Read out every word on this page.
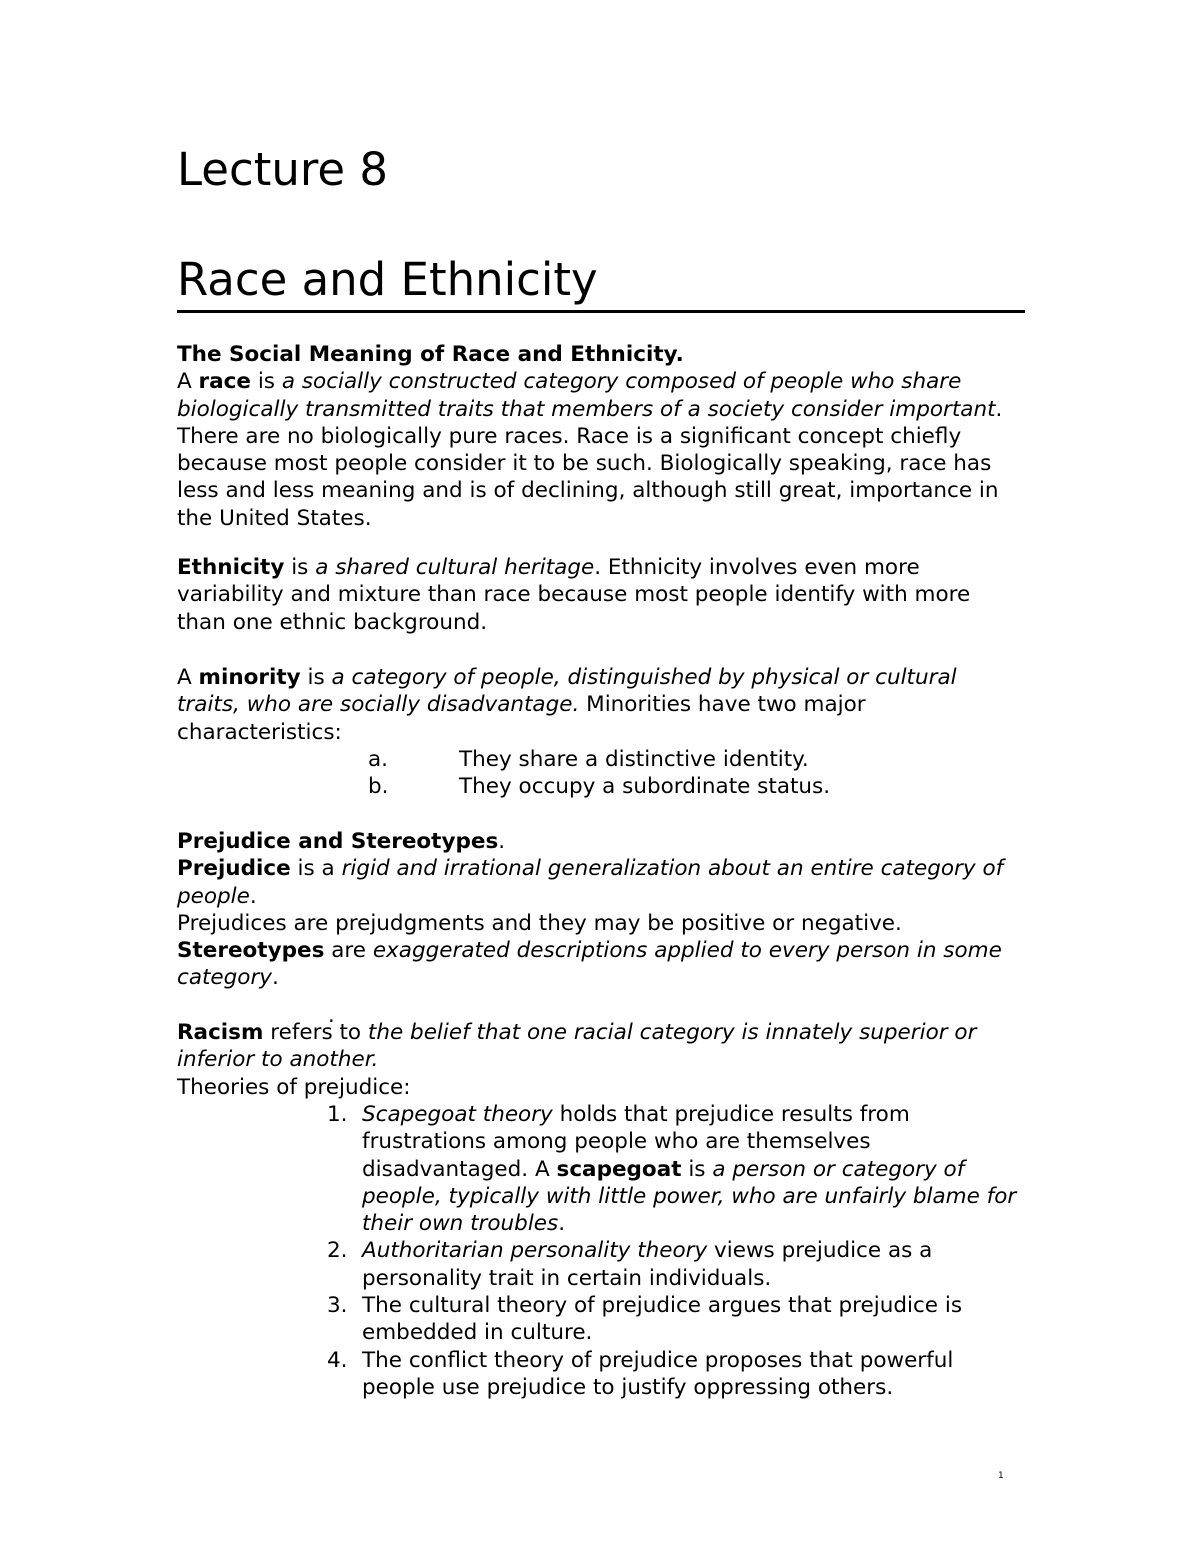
Lecture 8
Race and Ethnicity

The Social Meaning of Race and Ethnicity.
A race is a socially constructed category composed of people who share biologically transmitted traits that members of a society consider important. There are no biologically pure races. Race is a significant concept chiefly because most people consider it to be such. Biologically speaking, race has less and less meaning and is of declining, although still great, importance in the United States.

Ethnicity is a shared cultural heritage. Ethnicity involves even more variability and mixture than race because most people identify with more than one ethnic background.

A minority is a category of people, distinguished by physical or cultural traits, who are socially disadvantage. Minorities have two major characteristics:

a.	They share a distinctive identity.
b.	They occupy a subordinate status.

Prejudice and Stereotypes.
Prejudice is a rigid and irrational generalization about an entire category of people.
Prejudices are prejudgments and they may be positive or negative.
Stereotypes are exaggerated descriptions applied to every person in some category.

.

Racism refers to the belief that one racial category is innately superior or inferior to another.
Theories of prejudice:

1. Scapegoat theory holds that prejudice results from frustrations among people who are themselves disadvantaged. A scapegoat is a person or category of people, typically with little power, who are unfairly blame for their own troubles.
2. Authoritarian personality theory views prejudice as a personality trait in certain individuals.
3. The cultural theory of prejudice argues that prejudice is embedded in culture.
4. The conflict theory of prejudice proposes that powerful people use prejudice to justify oppressing others.
1
